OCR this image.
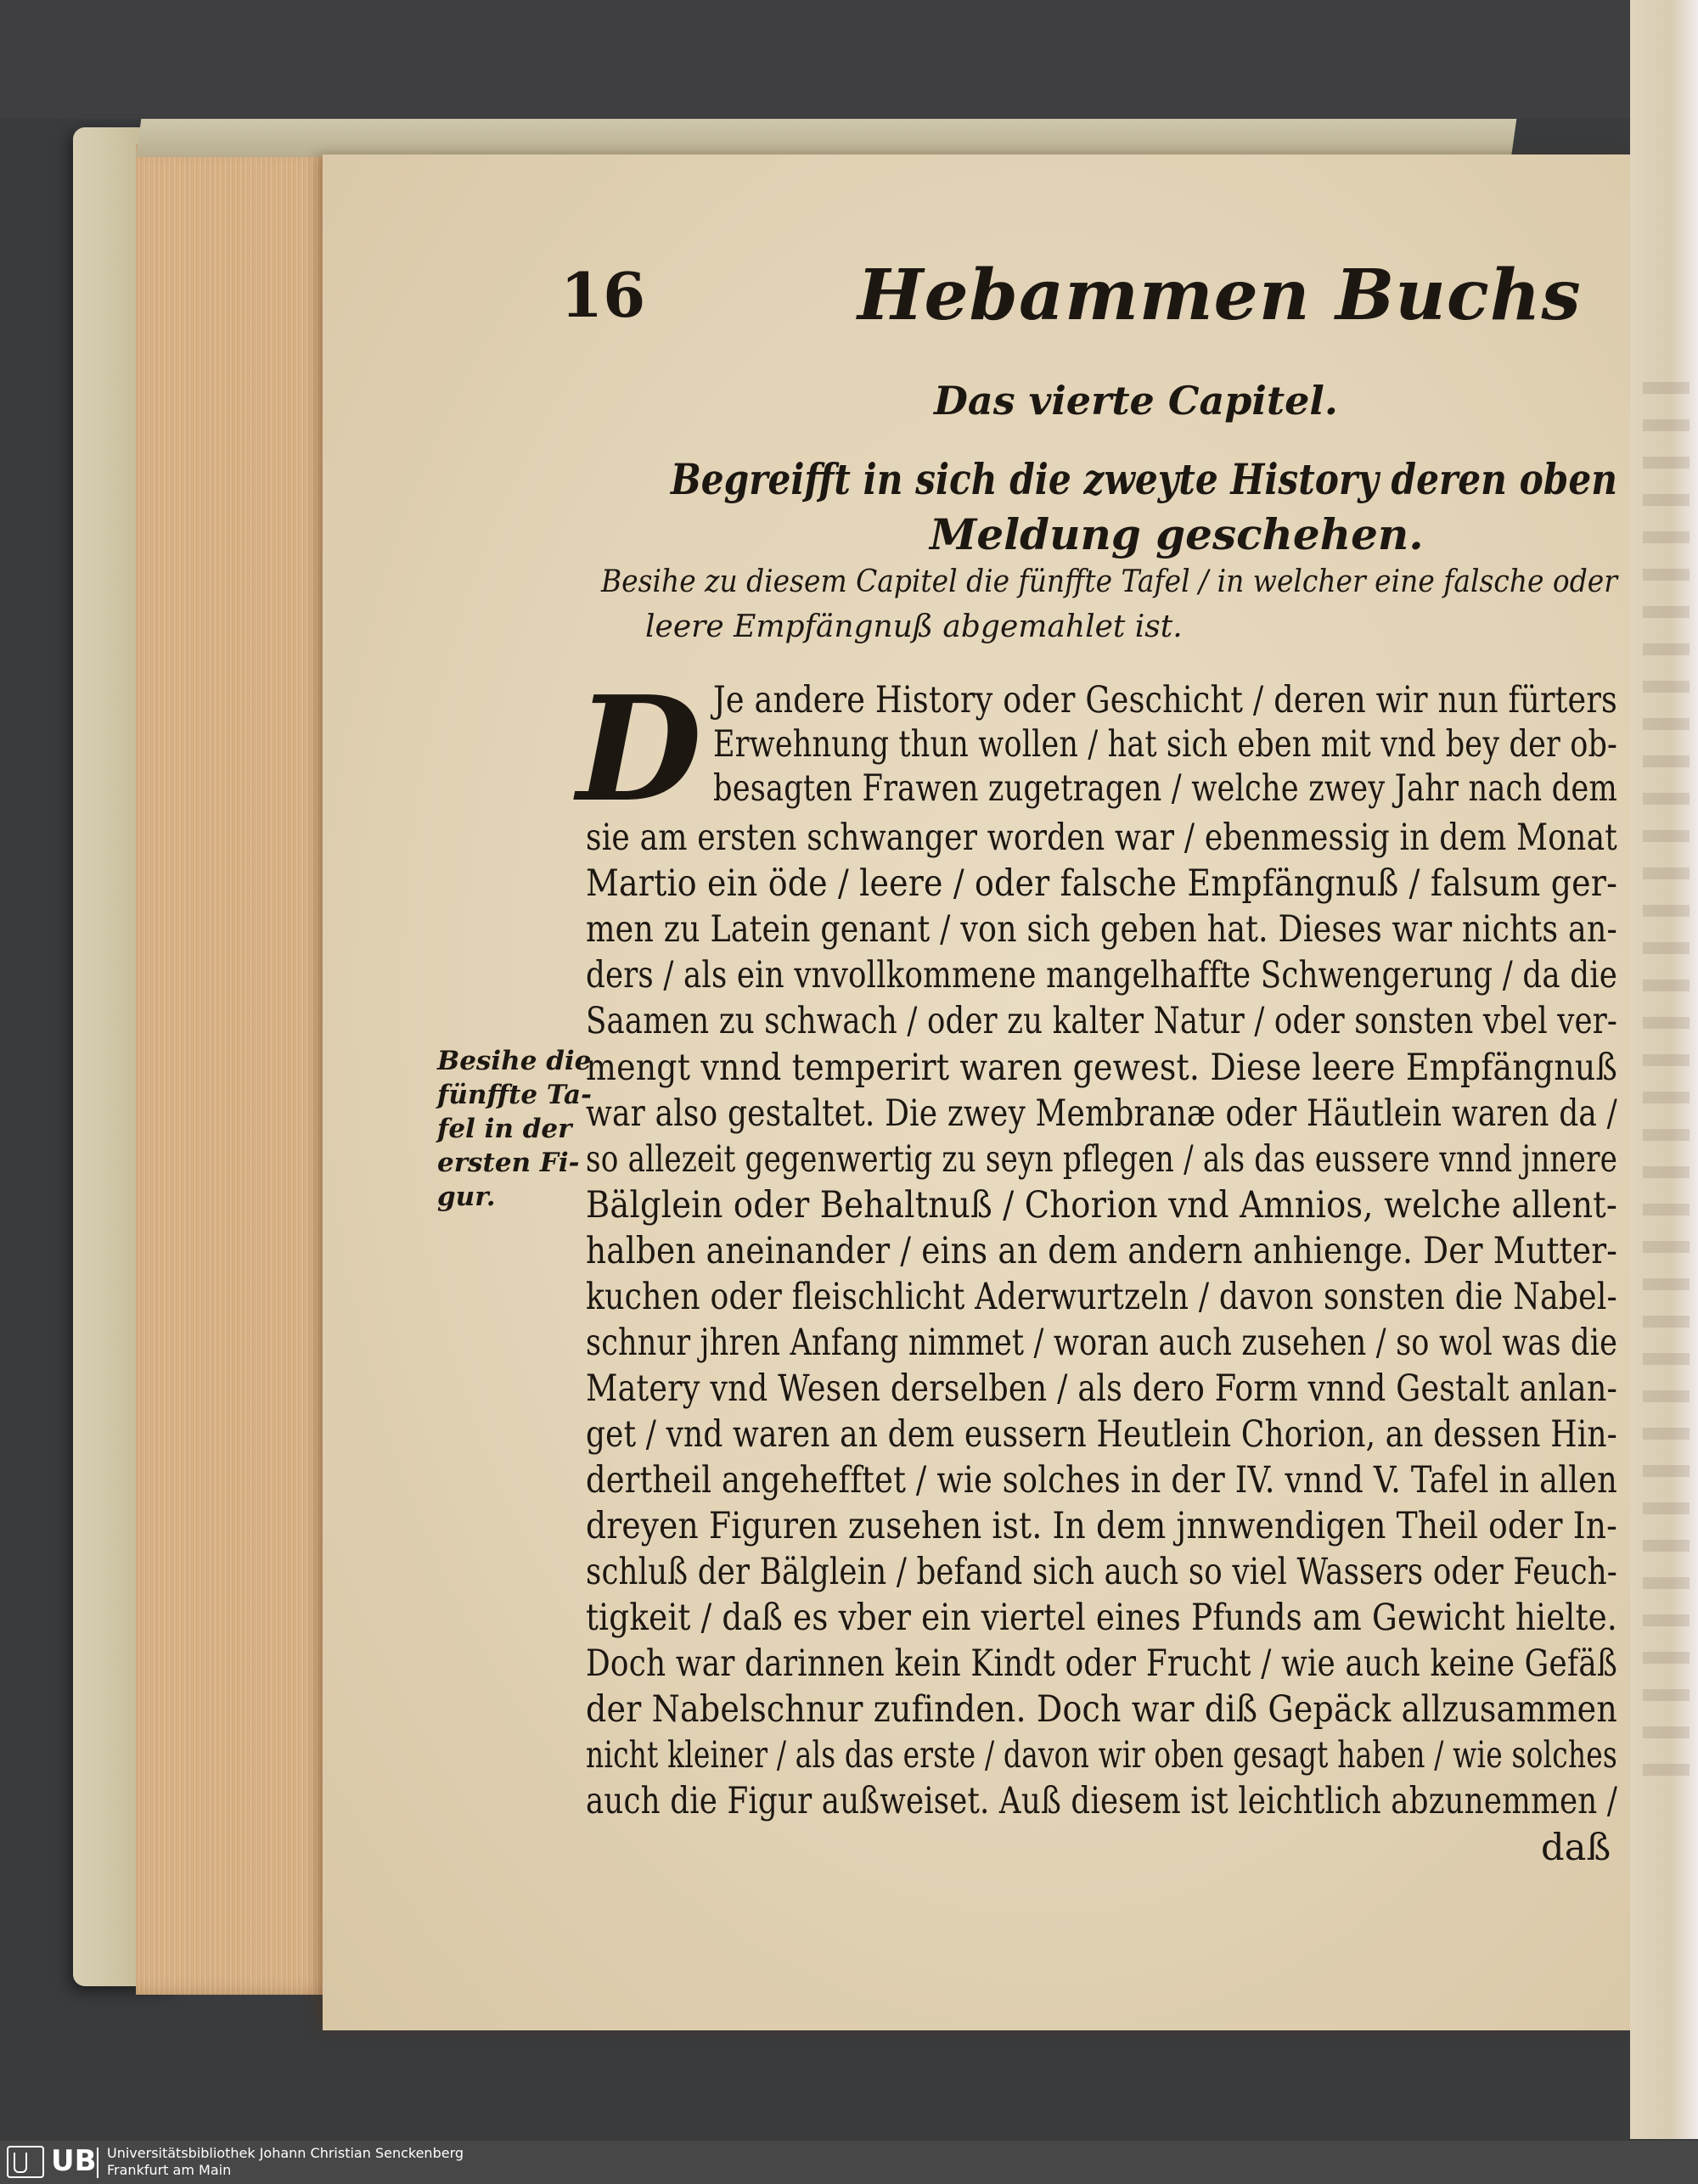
16	Hebammen Buchs
Das vierte Capitel.
Begreifft in sich die zweyte History deren oben
Meldung geschehen.
Besihe zu diesem Capitel die fünffte Tafel / in welcher eine falsche oder
leere Empfängnuß abgemahlet ist.
D Je andere History oder Geschicht / deren wir nun fürters
Erwehnung thun wollen / hat sich eben mit vnd bey der ob-
besagten Frawen zugetragen / welche zwey Jahr nach dem
sie am ersten schwanger worden war / ebenmessig in dem Monat
Martio ein öde / leere / oder falsche Empfängnuß / falsum ger-
men zu Latein genant / von sich geben hat. Dieses war nichts an-
ders / als ein vnvollkommene mangelhaffte Schwengerung / da die
Saamen zu schwach / oder zu kalter Natur / oder sonsten vbel ver-
mengt vnnd temperirt waren gewest. Diese leere Empfängnuß
war also gestaltet. Die zwey Membranæ oder Häutlein waren da /
so allezeit gegenwertig zu seyn pflegen / als das eussere vnnd jnnere
Bälglein oder Behaltnuß / Chorion vnd Amnios, welche allent-
halben aneinander / eins an dem andern anhienge. Der Mutter-
kuchen oder fleischlicht Aderwurtzeln / davon sonsten die Nabel-
schnur jhren Anfang nimmet / woran auch zusehen / so wol was die
Matery vnd Wesen derselben / als dero Form vnnd Gestalt anlan-
get / vnd waren an dem eussern Heutlein Chorion, an dessen Hin-
dertheil angehefftet / wie solches in der IV. vnnd V. Tafel in allen
dreyen Figuren zusehen ist. In dem jnnwendigen Theil oder In-
schluß der Bälglein / befand sich auch so viel Wassers oder Feuch-
tigkeit / daß es vber ein viertel eines Pfunds am Gewicht hielte.
Doch war darinnen kein Kindt oder Frucht / wie auch keine Gefäß
der Nabelschnur zufinden. Doch war diß Gepäck allzusammen
nicht kleiner / als das erste / davon wir oben gesagt haben / wie solches
auch die Figur außweiset. Auß diesem ist leichtlich abzunemmen /
daß
Besihe die
fünffte Ta-
fel in der
ersten Fi-
gur.
UB Universitätsbibliothek Johann Christian Senckenberg
Frankfurt am Main
